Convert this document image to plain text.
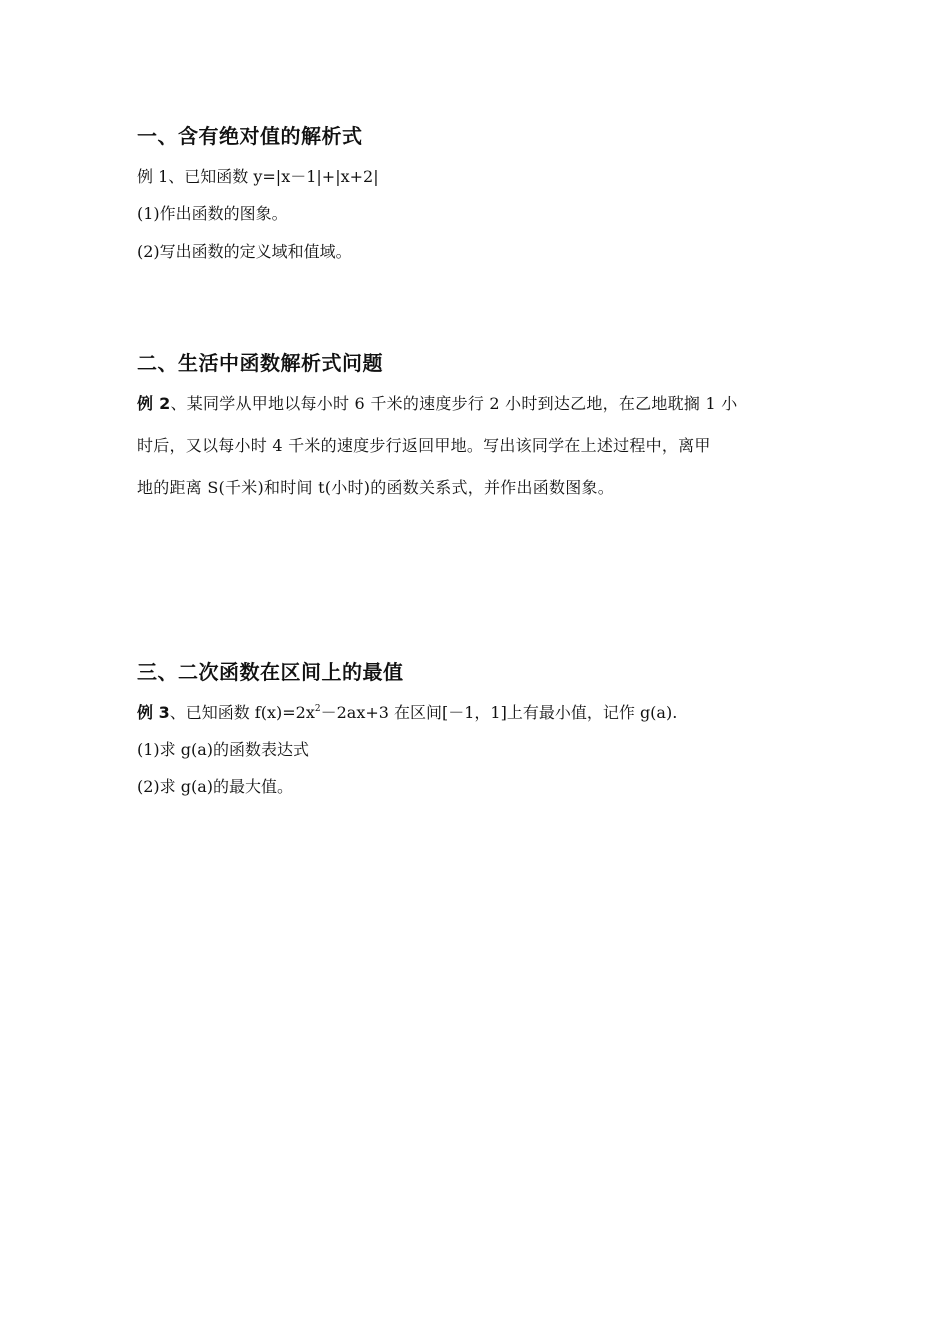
一、含有绝对值的解析式
例 1、已知函数 y=|x－1|+|x+2|
(1)作出函数的图象。
(2)写出函数的定义域和值域。
二、生活中函数解析式问题
例 2、某同学从甲地以每小时 6 千米的速度步行 2 小时到达乙地，在乙地耽搁 1 小
时后，又以每小时 4 千米的速度步行返回甲地。写出该同学在上述过程中，离甲
地的距离 S(千米)和时间 t(小时)的函数关系式，并作出函数图象。
三、二次函数在区间上的最值
例 3、已知函数 $f(x)=2x^2-2ax+3$ 在区间[－1，1]上有最小值，记作 g(a).
(1)求 g(a)的函数表达式
(2)求 g(a)的最大值。
